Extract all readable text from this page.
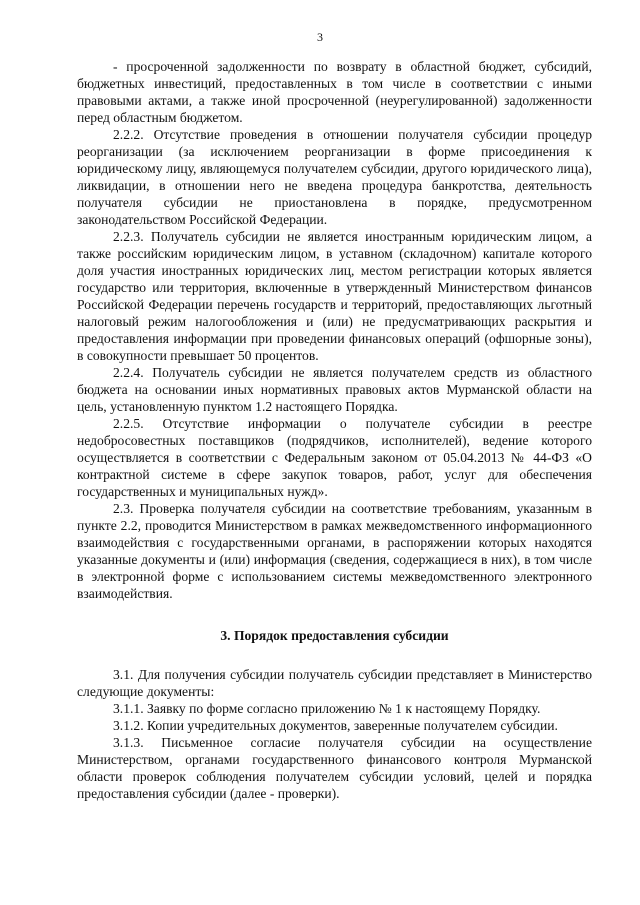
3

- просроченной задолженности по возврату в областной бюджет, субсидий, бюджетных инвестиций, предоставленных в том числе в соответствии с иными правовыми актами, а также иной просроченной (неурегулированной) задолженности перед областным бюджетом.

2.2.2. Отсутствие проведения в отношении получателя субсидии процедур реорганизации (за исключением реорганизации в форме присоединения к юридическому лицу, являющемуся получателем субсидии, другого юридического лица), ликвидации, в отношении него не введена процедура банкротства, деятельность получателя субсидии не приостановлена в порядке, предусмотренном законодательством Российской Федерации.

2.2.3. Получатель субсидии не является иностранным юридическим лицом, а также российским юридическим лицом, в уставном (складочном) капитале которого доля участия иностранных юридических лиц, местом регистрации которых является государство или территория, включенные в утвержденный Министерством финансов Российской Федерации перечень государств и территорий, предоставляющих льготный налоговый режим налогообложения и (или) не предусматривающих раскрытия и предоставления информации при проведении финансовых операций (офшорные зоны), в совокупности превышает 50 процентов.

2.2.4. Получатель субсидии не является получателем средств из областного бюджета на основании иных нормативных правовых актов Мурманской области на цель, установленную пунктом 1.2 настоящего Порядка.

2.2.5. Отсутствие информации о получателе субсидии в реестре недобросовестных поставщиков (подрядчиков, исполнителей), ведение которого осуществляется в соответствии с Федеральным законом от 05.04.2013 № 44-ФЗ «О контрактной системе в сфере закупок товаров, работ, услуг для обеспечения государственных и муниципальных нужд».

2.3. Проверка получателя субсидии на соответствие требованиям, указанным в пункте 2.2, проводится Министерством в рамках межведомственного информационного взаимодействия с государственными органами, в распоряжении которых находятся указанные документы и (или) информация (сведения, содержащиеся в них), в том числе в электронной форме с использованием системы межведомственного электронного взаимодействия.

3. Порядок предоставления субсидии

3.1. Для получения субсидии получатель субсидии представляет в Министерство следующие документы:

3.1.1. Заявку по форме согласно приложению № 1 к настоящему Порядку.

3.1.2. Копии учредительных документов, заверенные получателем субсидии.

3.1.3. Письменное согласие получателя субсидии на осуществление Министерством, органами государственного финансового контроля Мурманской области проверок соблюдения получателем субсидии условий, целей и порядка предоставления субсидии (далее - проверки).
